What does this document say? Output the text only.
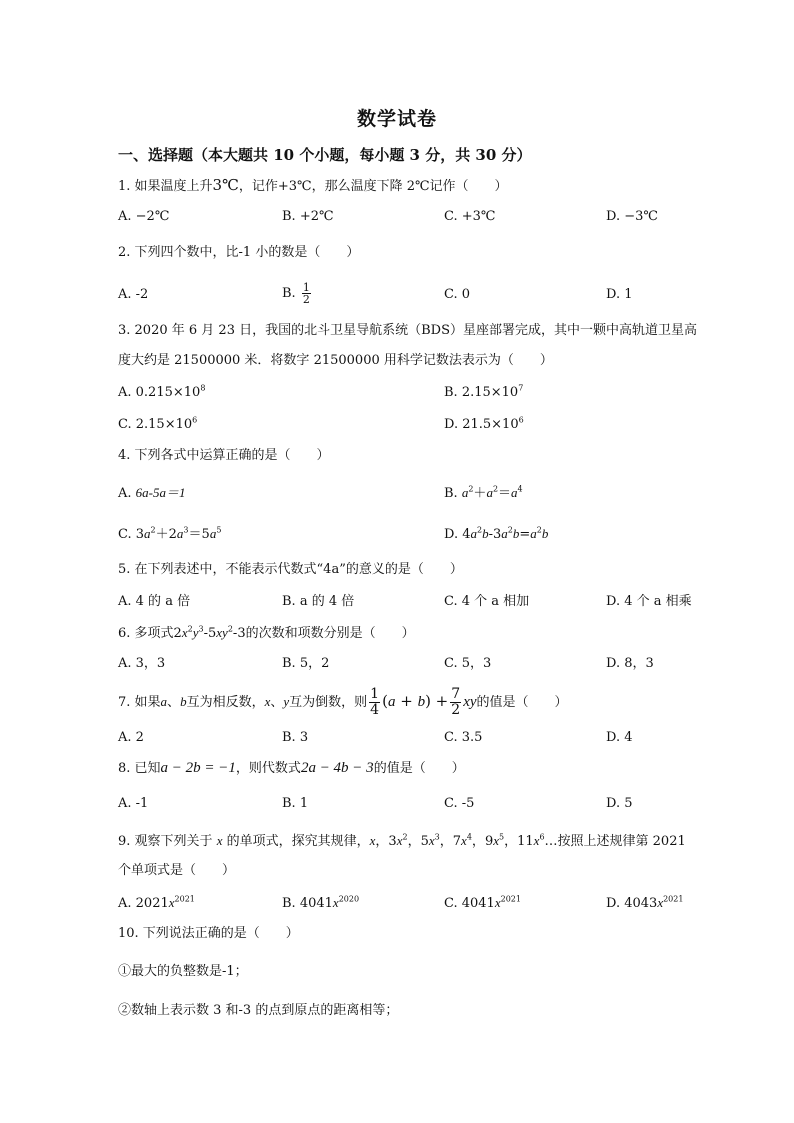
数学试卷
一、选择题（本大题共 10 个小题，每小题 3 分，共 30 分）
1. 如果温度上升3℃，记作+3℃，那么温度下降 2℃记作（　　）
A. −2℃	B. +2℃	C. +3℃	D. −3℃
2. 下列四个数中，比-1 小的数是（　　）
A. -2	B. $\frac{1}{2}$	C. 0	D. 1
3. 2020 年 6 月 23 日，我国的北斗卫星导航系统（BDS）星座部署完成，其中一颗中高轨道卫星高
度大约是 21500000 米．将数字 21500000 用科学记数法表示为（　　）
A. $0.215\times 10^8$	B. $2.15\times 10^7$
C. $2.15\times 10^6$	D. $21.5\times 10^6$
4. 下列各式中运算正确的是（　　）
A. 6a-5a＝1	B. $a^2+a^2=a^4$
C. $3a^2+2a^3=5a^5$	D. $4a^2b-3a^2b=a^2b$
5. 在下列表述中，不能表示代数式“4a”的意义的是（　　）
A. 4 的 a 倍	B. a 的 4 倍	C. 4 个 a 相加	D. 4 个 a 相乘
6. 多项式$2x^2y^3-5xy^2-3$的次数和项数分别是（　　）
A. 3，3	B. 5，2	C. 5，3	D. 8，3
7. 如果a、b互为相反数，x、y互为倒数，则 $\frac{1}{4} (a + b) + \frac{7}{2}$ xy的值是（　　）
A. 2	B. 3	C. 3.5	D. 4
8. 已知a − 2b = −1，则代数式2a − 4b − 3的值是（　　）
A. -1	B. 1	C. -5	D. 5
9. 观察下列关于 x 的单项式，探究其规律，x，$3x^2$，$5x^3$，$7x^4$，$9x^5$，$11x^6\dots$按照上述规律第 2021
个单项式是（　　）
A. $2021x^{2021}$	B. $4041x^{2020}$	C. $4041x^{2021}$	D. $4043x^{2021}$
10. 下列说法正确的是（　　）
①最大的负整数是-1；
②数轴上表示数 3 和-3 的点到原点的距离相等；
